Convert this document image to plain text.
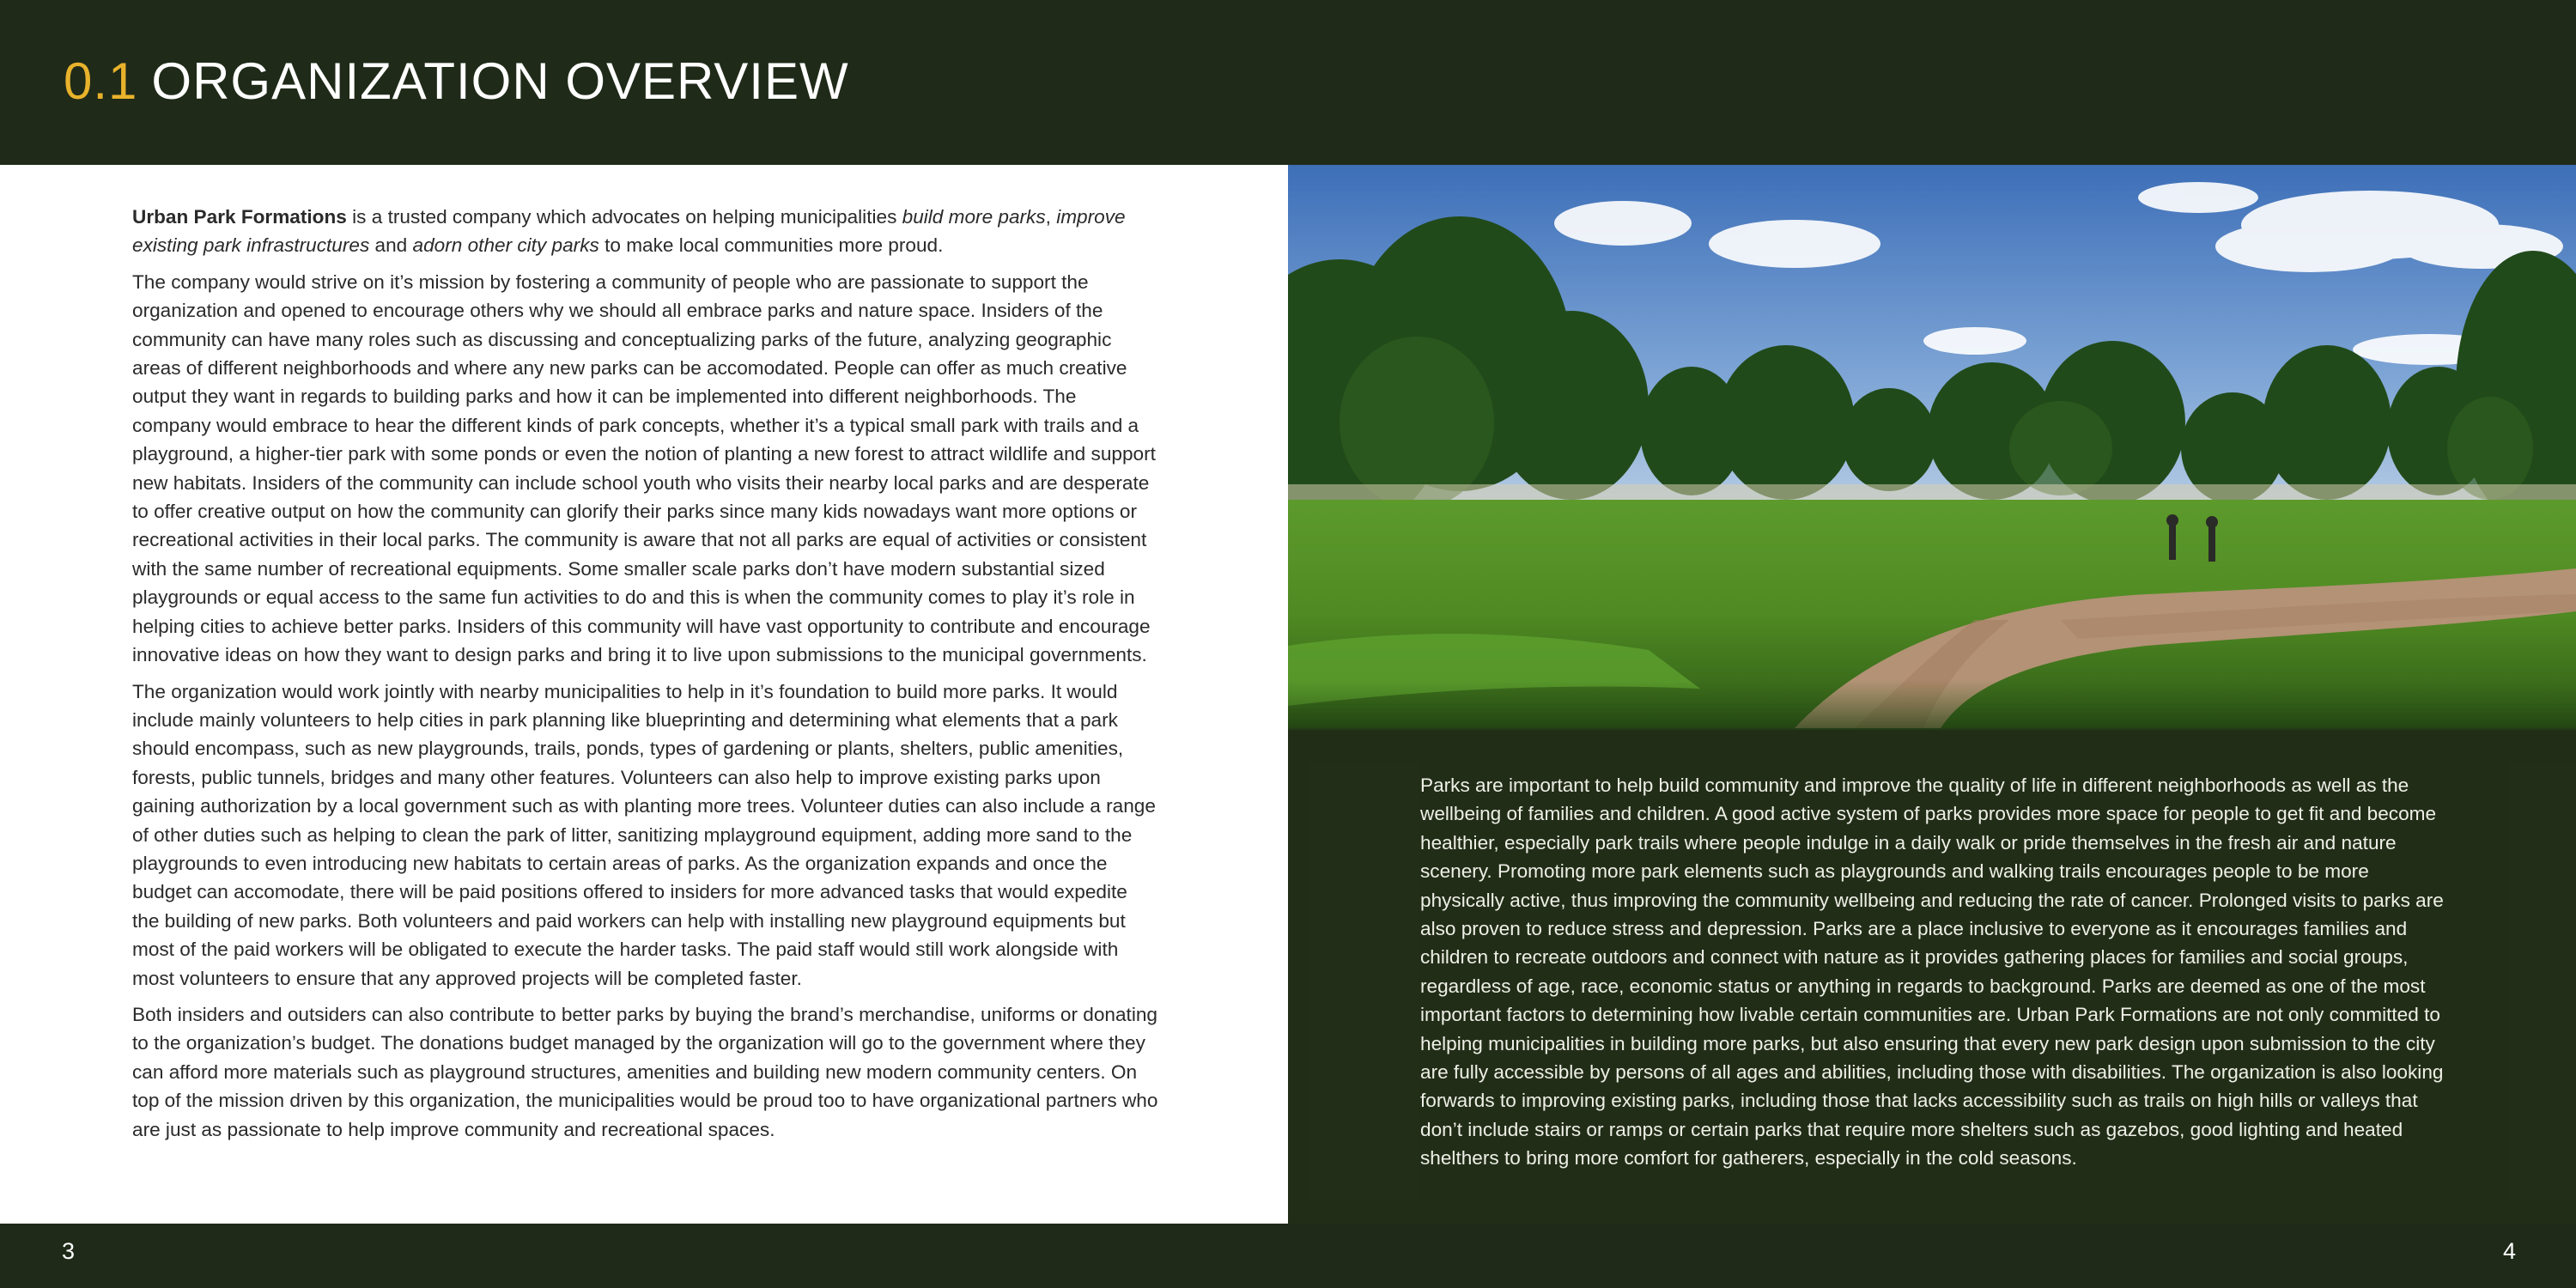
0.1 ORGANIZATION OVERVIEW

Urban Park Formations is a trusted company which advocates on helping municipalities build more parks, improve existing park infrastructures and adorn other city parks to make local communities more proud.

The company would strive on it’s mission by fostering a community of people who are passionate to support the organization and opened to encourage others why we should all embrace parks and nature space. Insiders of the community can have many roles such as discussing and conceptualizing parks of the future, analyzing geographic areas of different neighborhoods and where any new parks can be accomodated. People can offer as much creative output they want in regards to building parks and how it can be implemented into different neighborhoods. The company would embrace to hear the different kinds of park concepts, whether it’s a typical small park with trails and a playground, a higher-tier park with some ponds or even the notion of planting a new forest to attract wildlife and support new habitats. Insiders of the community can include school youth who visits their nearby local parks and are desperate to offer creative output on how the community can glorify their parks since many kids nowadays want more options or recreational activities in their local parks. The community is aware that not all parks are equal of activities or consistent with the same number of recreational equipments. Some smaller scale parks don’t have modern substantial sized playgrounds or equal access to the same fun activities to do and this is when the community comes to play it’s role in helping cities to achieve better parks. Insiders of this community will have vast opportunity to contribute and encourage innovative ideas on how they want to design parks and bring it to live upon submissions to the municipal governments.

The organization would work jointly with nearby municipalities to help in it’s foundation to build more parks. It would include mainly volunteers to help cities in park planning like blueprinting and determining what elements that a park should encompass, such as new playgrounds, trails, ponds, types of gardening or plants, shelters, public amenities, forests, public tunnels, bridges and many other features. Volunteers can also help to improve existing parks upon gaining authorization by a local government such as with planting more trees. Volunteer duties can also include a range of other duties such as helping to clean the park of litter, sanitizing mplayground equipment, adding more sand to the playgrounds to even introducing new habitats to certain areas of parks. As the organization expands and once the budget can accomodate, there will be paid positions offered to insiders for more advanced tasks that would expedite the building of new parks. Both volunteers and paid workers can help with installing new playground equipments but most of the paid workers will be obligated to execute the harder tasks. The paid staff would still work alongside with most volunteers to ensure that any approved projects will be completed faster.

Both insiders and outsiders can also contribute to better parks by buying the brand’s merchandise, uniforms or donating to the organization’s budget. The donations budget managed by the organization will go to the government where they can afford more materials such as playground structures, amenities and building new modern community centers. On top of the mission driven by this organization, the municipalities would be proud too to have organizational partners who are just as passionate to help improve community and recreational spaces.

Parks are important to help build community and improve the quality of life in different neighborhoods as well as the wellbeing of families and children. A good active system of parks provides more space for people to get fit and become healthier, especially park trails where people indulge in a daily walk or pride themselves in the fresh air and nature scenery. Promoting more park elements such as playgrounds and walking trails encourages people to be more physically active, thus improving the community wellbeing and reducing the rate of cancer. Prolonged visits to parks are also proven to reduce stress and depression. Parks are a place inclusive to everyone as it encourages families and children to recreate outdoors and connect with nature as it provides gathering places for families and social groups, regardless of age, race, economic status or anything in regards to background. Parks are deemed as one of the most important factors to determining how livable certain communities are. Urban Park Formations are not only committed to helping municipalities in building more parks, but also ensuring that every new park design upon submission to the city are fully accessible by persons of all ages and abilities, including those with disabilities. The organization is also looking forwards to improving existing parks, including those that lacks accessibility such as trails on high hills or valleys that don’t include stairs or ramps or certain parks that require more shelters such as gazebos, good lighting and heated shelthers to bring more comfort for gatherers, especially in the cold seasons.

3	4
